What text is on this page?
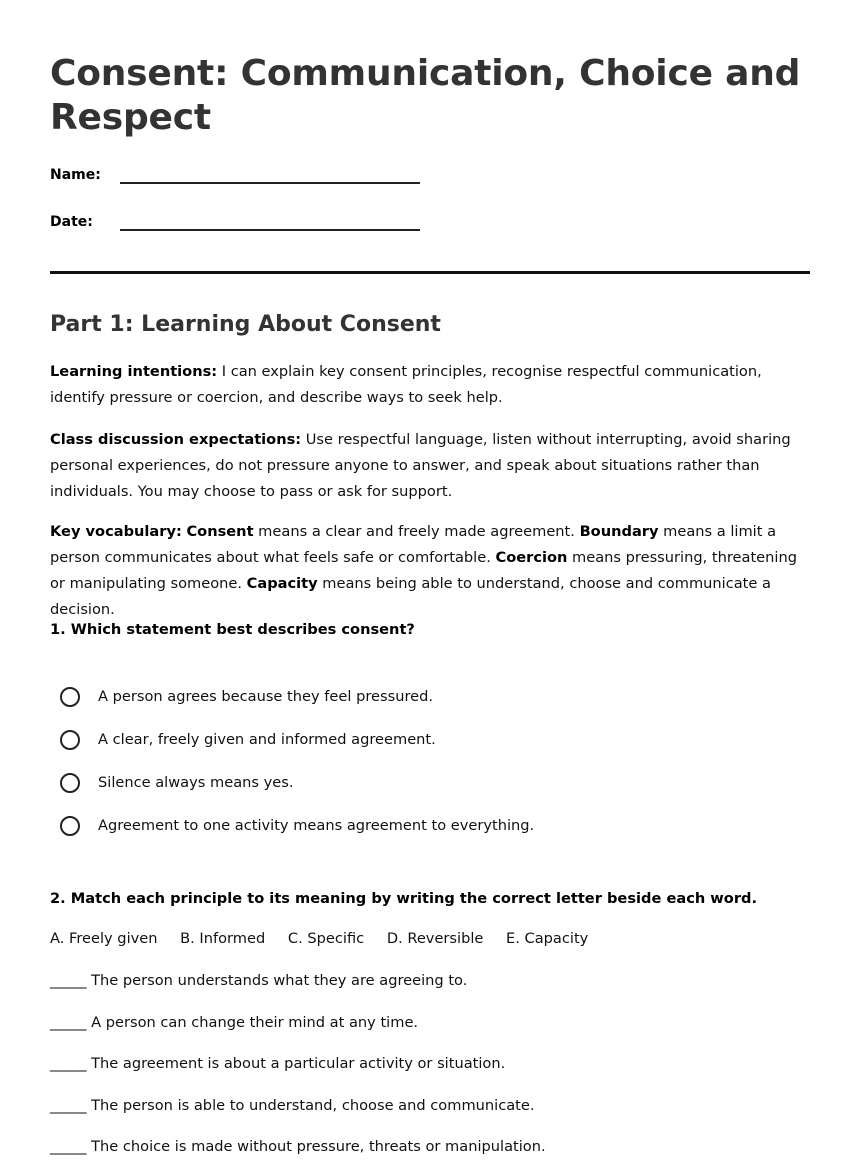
Consent: Communication, Choice and Respect
Name:
Date:
Part 1: Learning About Consent

Learning intentions: I can explain key consent principles, recognise respectful communication, identify pressure or coercion, and describe ways to seek help.

Class discussion expectations: Use respectful language, listen without interrupting, avoid sharing personal experiences, do not pressure anyone to answer, and speak about situations rather than individuals. You may choose to pass or ask for support.

Key vocabulary: Consent means a clear and freely made agreement. Boundary means a limit a person communicates about what feels safe or comfortable. Coercion means pressuring, threatening or manipulating someone. Capacity means being able to understand, choose and communicate a decision.

1. Which statement best describes consent?

A person agrees because they feel pressured.
A clear, freely given and informed agreement.
Silence always means yes.
Agreement to one activity means agreement to everything.

2. Match each principle to its meaning by writing the correct letter beside each word.

A. Freely given B. Informed C. Specific D. Reversible E. Capacity
_____ The person understands what they are agreeing to.
_____ A person can change their mind at any time.
_____ The agreement is about a particular activity or situation.
_____ The person is able to understand, choose and communicate.
_____ The choice is made without pressure, threats or manipulation.
